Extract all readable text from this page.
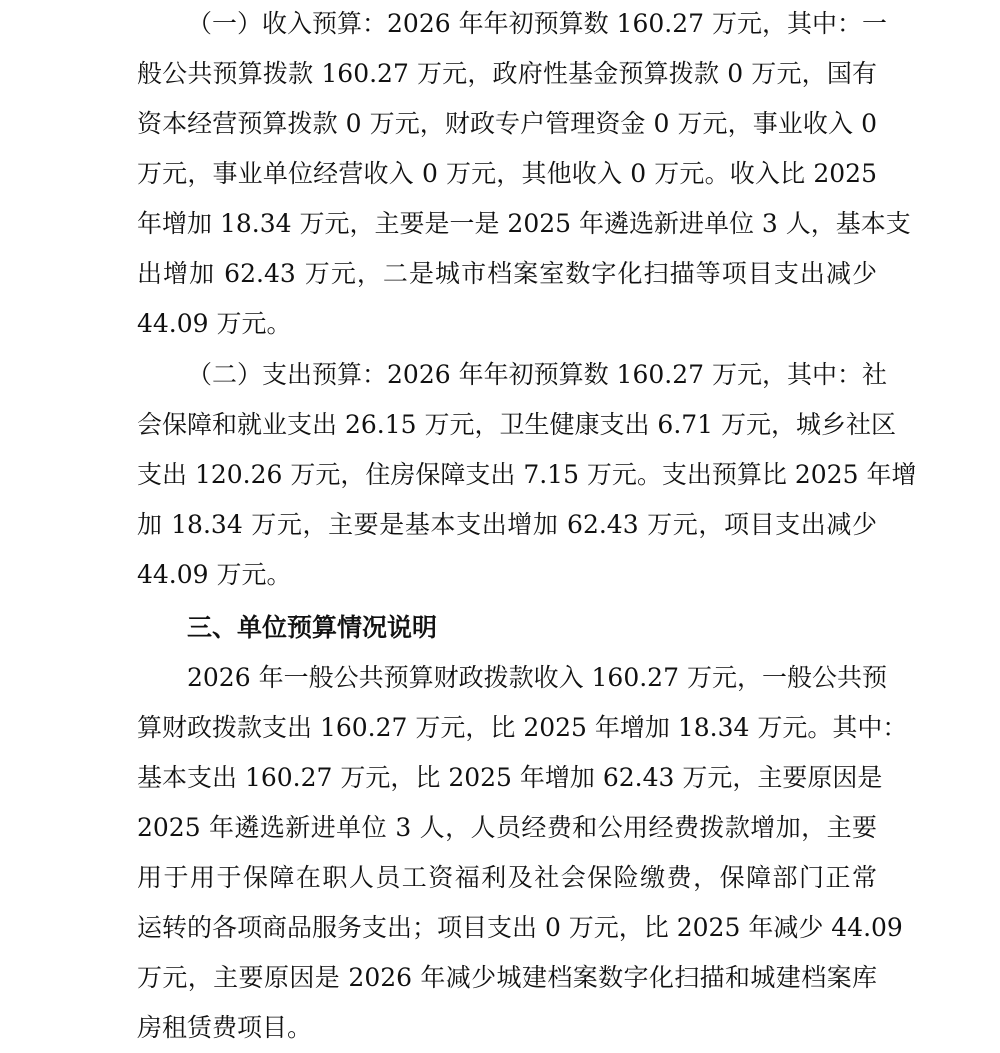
（一）收入预算：2026 年年初预算数 160.27 万元，其中：一
般公共预算拨款 160.27 万元，政府性基金预算拨款 0 万元，国有
资本经营预算拨款 0 万元，财政专户管理资金 0 万元，事业收入 0
万元，事业单位经营收入 0 万元，其他收入 0 万元。收入比 2025
年增加 18.34 万元，主要是一是 2025 年遴选新进单位 3 人，基本支
出增加 62.43 万元，二是城市档案室数字化扫描等项目支出减少
44.09 万元。
（二）支出预算：2026 年年初预算数 160.27 万元，其中：社
会保障和就业支出 26.15 万元，卫生健康支出 6.71 万元，城乡社区
支出 120.26 万元，住房保障支出 7.15 万元。支出预算比 2025 年增
加 18.34 万元，主要是基本支出增加 62.43 万元，项目支出减少
44.09 万元。
三、单位预算情况说明
2026 年一般公共预算财政拨款收入 160.27 万元，一般公共预
算财政拨款支出 160.27 万元，比 2025 年增加 18.34 万元。其中：
基本支出 160.27 万元，比 2025 年增加 62.43 万元，主要原因是
2025 年遴选新进单位 3 人，人员经费和公用经费拨款增加，主要
用于用于保障在职人员工资福利及社会保险缴费，保障部门正常
运转的各项商品服务支出；项目支出 0 万元，比 2025 年减少 44.09
万元，主要原因是 2026 年减少城建档案数字化扫描和城建档案库
房租赁费项目。
